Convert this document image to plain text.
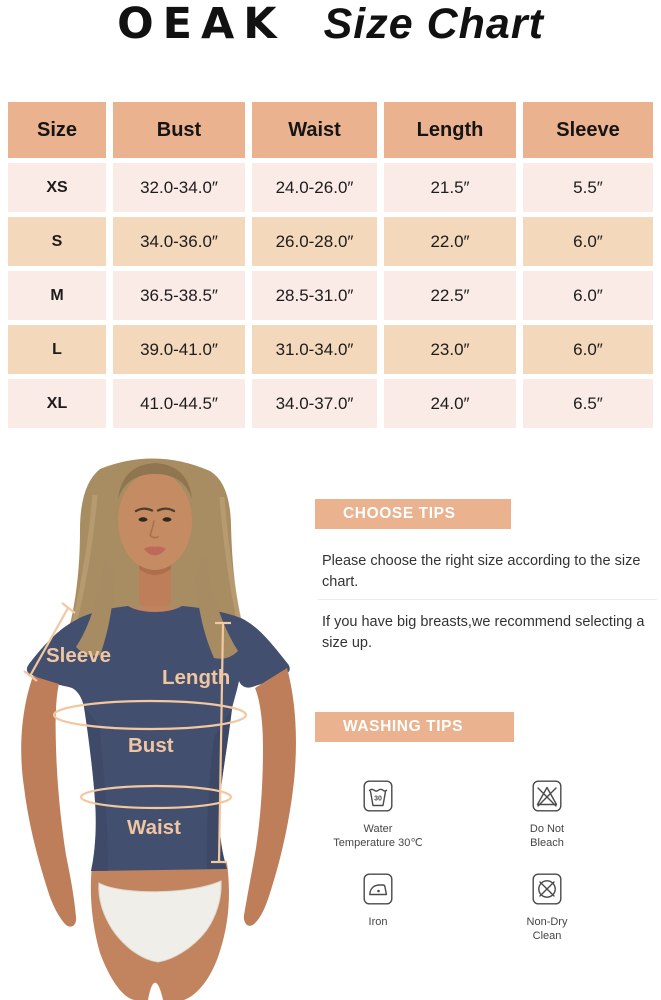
OEAK Size Chart
Size	Bust	Waist	Length	Sleeve
XS	32.0-34.0″	24.0-26.0″	21.5″	5.5″
S	34.0-36.0″	26.0-28.0″	22.0″	6.0″
M	36.5-38.5″	28.5-31.0″	22.5″	6.0″
L	39.0-41.0″	31.0-34.0″	23.0″	6.0″
XL	41.0-44.5″	34.0-37.0″	24.0″	6.5″
Sleeve
Length
Bust
Waist
CHOOSE TIPS
Please choose the right size according to the size chart.
If you have big breasts,we recommend selecting a size up.
WASHING TIPS
30
Water
Temperature 30℃
Do Not
Bleach
Iron	Non-Dry
Clean
